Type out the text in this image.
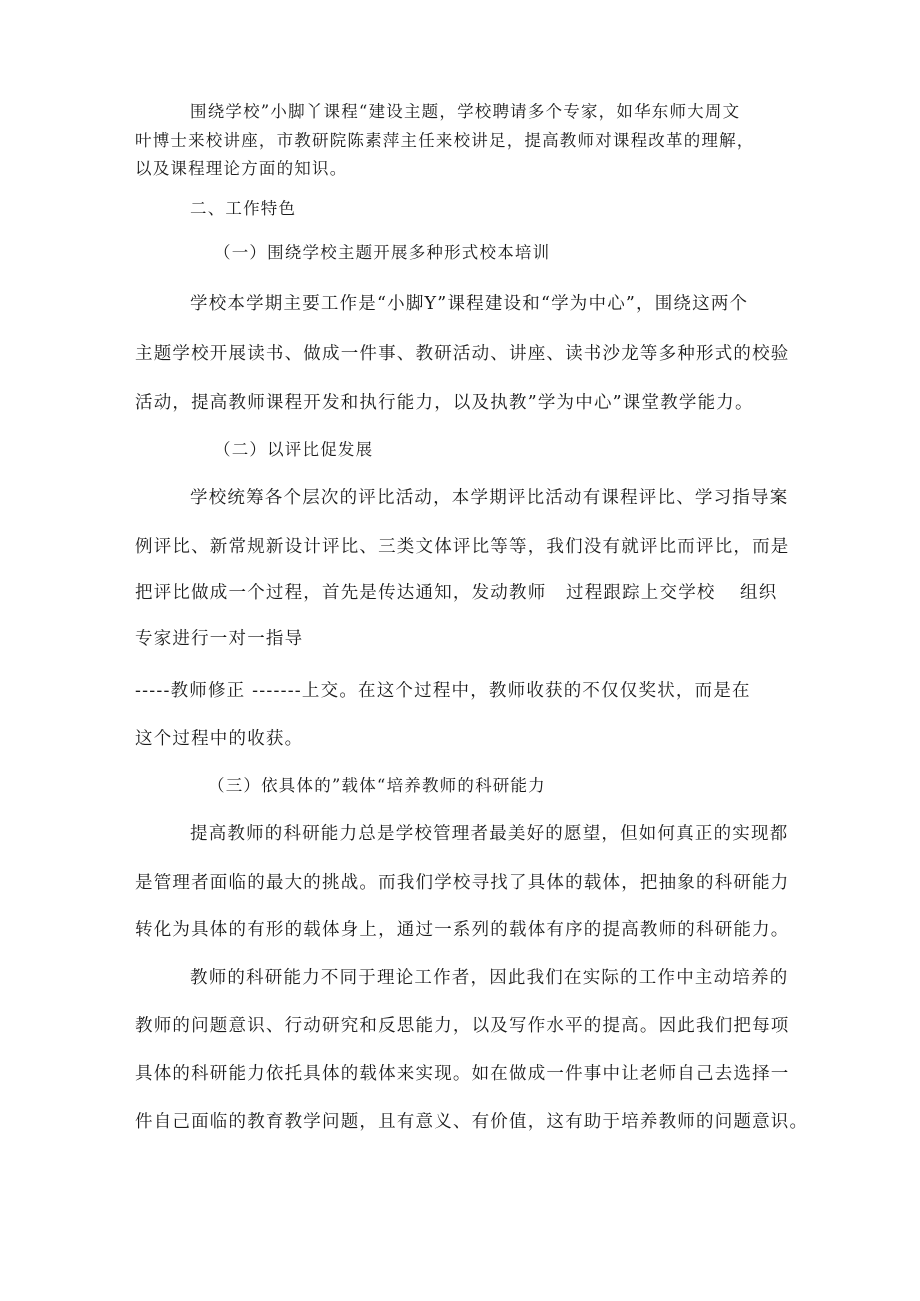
围绕学校”小脚丫课程“建设主题，学校聘请多个专家，如华东师大周文
叶博士来校讲座，市教研院陈素萍主任来校讲足，提高教师对课程改革的理解，
以及课程理论方面的知识。
二、工作特色
（一）围绕学校主题开展多种形式校本培训
学校本学期主要工作是“小脚Y”课程建设和“学为中心”，围绕这两个
主题学校开展读书、做成一件事、教研活动、讲座、读书沙龙等多种形式的校验
活动，提高教师课程开发和执行能力，以及执教”学为中心”课堂教学能力。
（二）以评比促发展
学校统筹各个层次的评比活动，本学期评比活动有课程评比、学习指导案
例评比、新常规新设计评比、三类文体评比等等，我们没有就评比而评比，而是
把评比做成一个过程，首先是传达通知，发动教师 过程跟踪上交学校 组织
专家进行一对一指导
-----教师修正 -------上交。在这个过程中，教师收获的不仅仅奖状，而是在
这个过程中的收获。
（三）依具体的”载体“培养教师的科研能力
提高教师的科研能力总是学校管理者最美好的愿望，但如何真正的实现都
是管理者面临的最大的挑战。而我们学校寻找了具体的载体，把抽象的科研能力
转化为具体的有形的载体身上，通过一系列的载体有序的提高教师的科研能力。
教师的科研能力不同于理论工作者，因此我们在实际的工作中主动培养的
教师的问题意识、行动研究和反思能力，以及写作水平的提高。因此我们把每项
具体的科研能力依托具体的载体来实现。如在做成一件事中让老师自己去选择一
件自己面临的教育教学问题，且有意义、有价值，这有助于培养教师的问题意识。
